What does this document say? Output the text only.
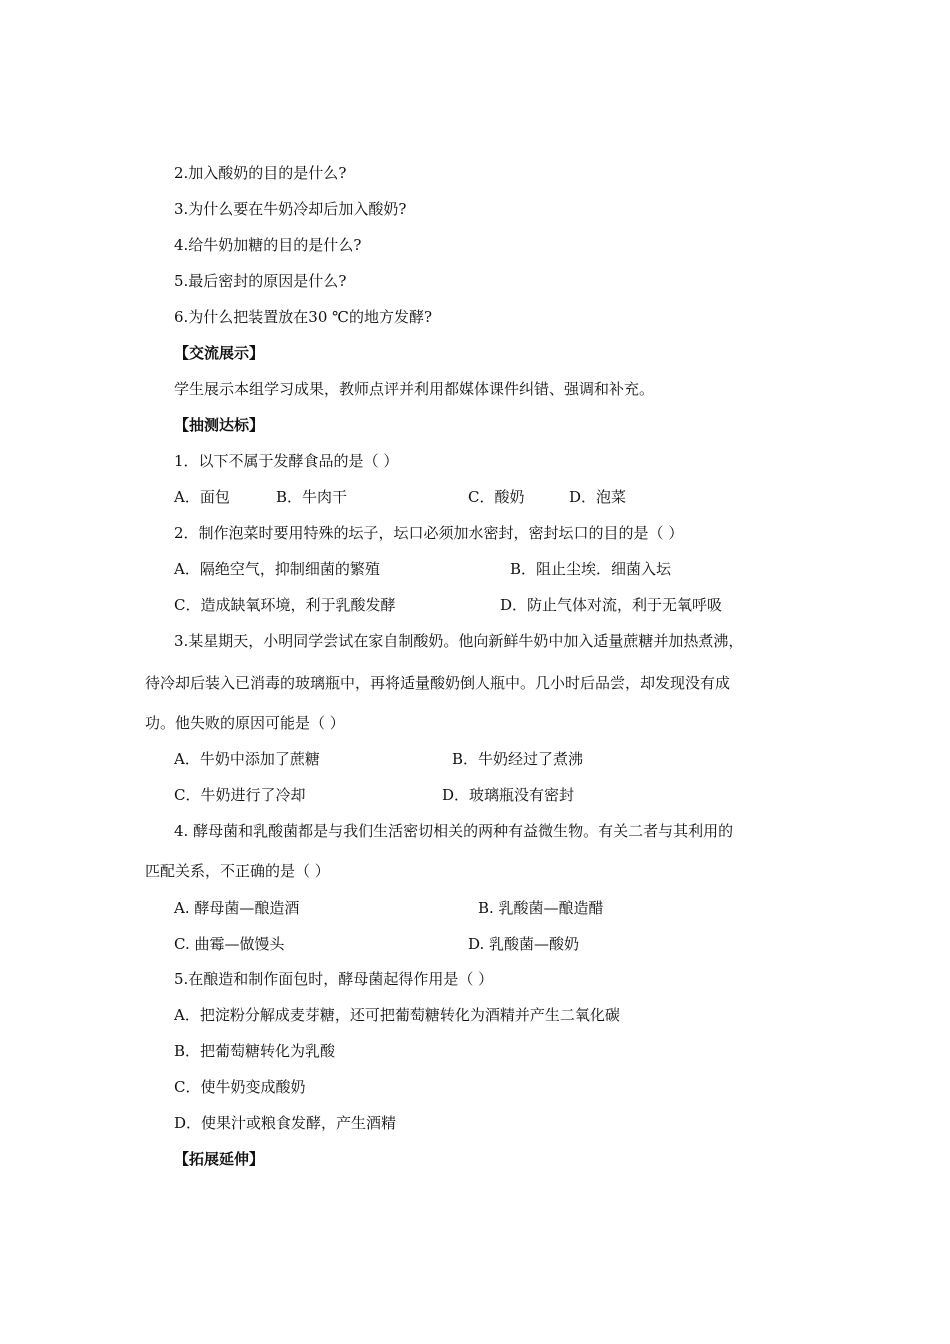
2.加入酸奶的目的是什么?
3.为什么要在牛奶冷却后加入酸奶?
4.给牛奶加糖的目的是什么?
5.最后密封的原因是什么?
6.为什么把装置放在30 ℃的地方发酵?
【交流展示】
学生展示本组学习成果，教师点评并利用都媒体课件纠错、强调和补充。
【抽测达标】
1．以下不属于发酵食品的是（ ）
A．面包	B．牛肉干	C．酸奶	D．泡菜
2．制作泡菜时要用特殊的坛子，坛口必须加水密封，密封坛口的目的是（ ）
A．隔绝空气，抑制细菌的繁殖	B．阻止尘埃．细菌入坛
C．造成缺氧环境，利于乳酸发酵	D．防止气体对流，利于无氧呼吸
3.某星期天，小明同学尝试在家自制酸奶。他向新鲜牛奶中加入适量蔗糖并加热煮沸，
待冷却后装入已消毒的玻璃瓶中，再将适量酸奶倒人瓶中。几小时后品尝，却发现没有成
功。他失败的原因可能是（ ）
A．牛奶中添加了蔗糖	B．牛奶经过了煮沸
C．牛奶进行了冷却	D．玻璃瓶没有密封
4. 酵母菌和乳酸菌都是与我们生活密切相关的两种有益微生物。有关二者与其利用的
匹配关系，不正确的是（ ）
A. 酵母菌—酿造酒	B. 乳酸菌—酿造醋
C. 曲霉—做馒头	D. 乳酸菌—酸奶
5.在酿造和制作面包时，酵母菌起得作用是（ ）
A．把淀粉分解成麦芽糖，还可把葡萄糖转化为酒精并产生二氧化碳
B．把葡萄糖转化为乳酸
C．使牛奶变成酸奶
D．使果汁或粮食发酵，产生酒精
【拓展延伸】
